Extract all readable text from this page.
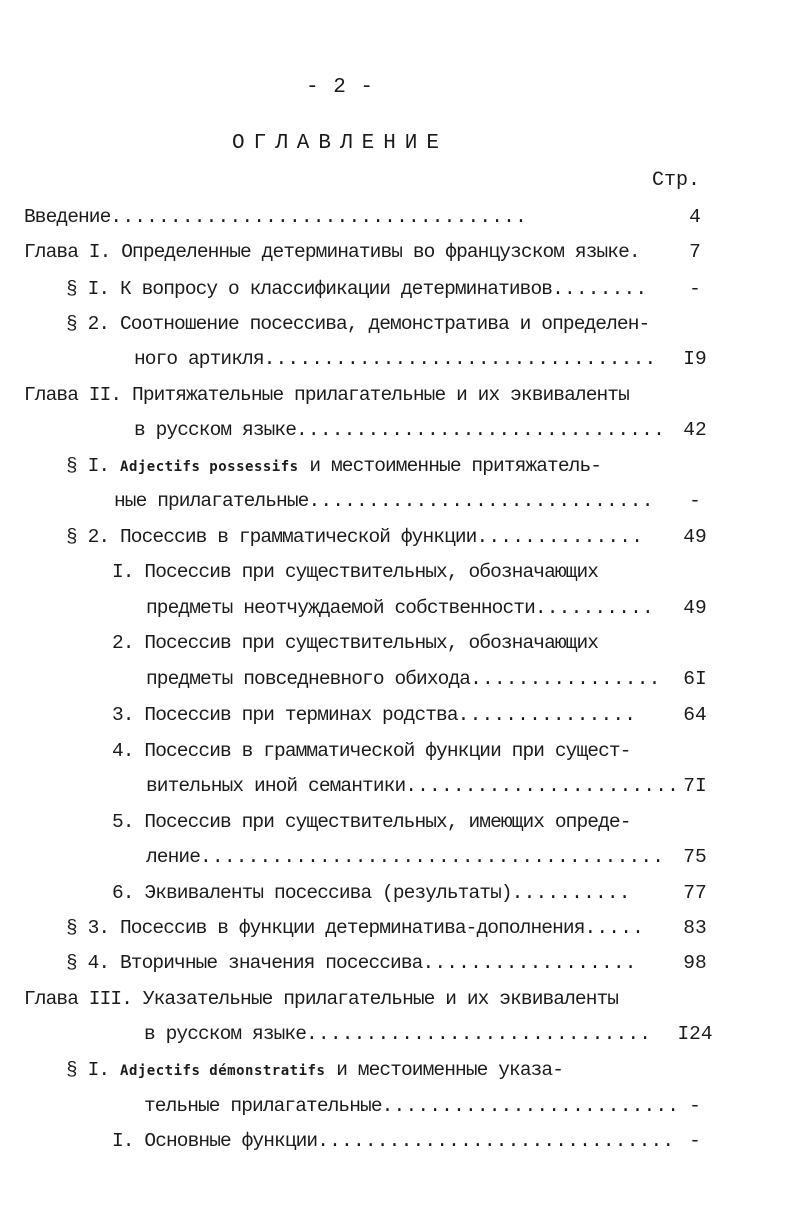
- 2 -
ОГЛАВЛЕНИЕ
Стр.
Введение...................................	4
Глава I. Определенные детерминативы во французском языке.	7
§ I. К вопросу о классификации детерминативов........	-
§ 2. Соотношение посессива, демонстратива и определен-
ного артикля.................................	I9
Глава II. Притяжательные прилагательные и их эквиваленты
в русском языке............................... 42
§ I. Adjectifs possessifs и местоименные притяжатель-
ные прилагательные.............................	-
§ 2. Посессив в грамматической функции..............	49
I. Посессив при существительных, обозначающих
предметы неотчуждаемой собственности..........	49
2. Посессив при существительных, обозначающих
предметы повседневного обихода................	6I
3. Посессив при терминах родства...............	64
4. Посессив в грамматической функции при сущест-
вительных иной семантики....................... 7I
5. Посессив при существительных, имеющих опреде-
ление....................................... 75
6. Эквиваленты посессива (результаты)..........	77
§ 3. Посессив в функции детерминатива-дополнения.....	83
§ 4. Вторичные значения посессива..................	98
Глава III. Указательные прилагательные и их эквиваленты
в русском языке.............................	I24
§ I. Adjectifs démonstratifs и местоименные указа-
тельные прилагательные......................... -
I. Основные функции.............................. -
